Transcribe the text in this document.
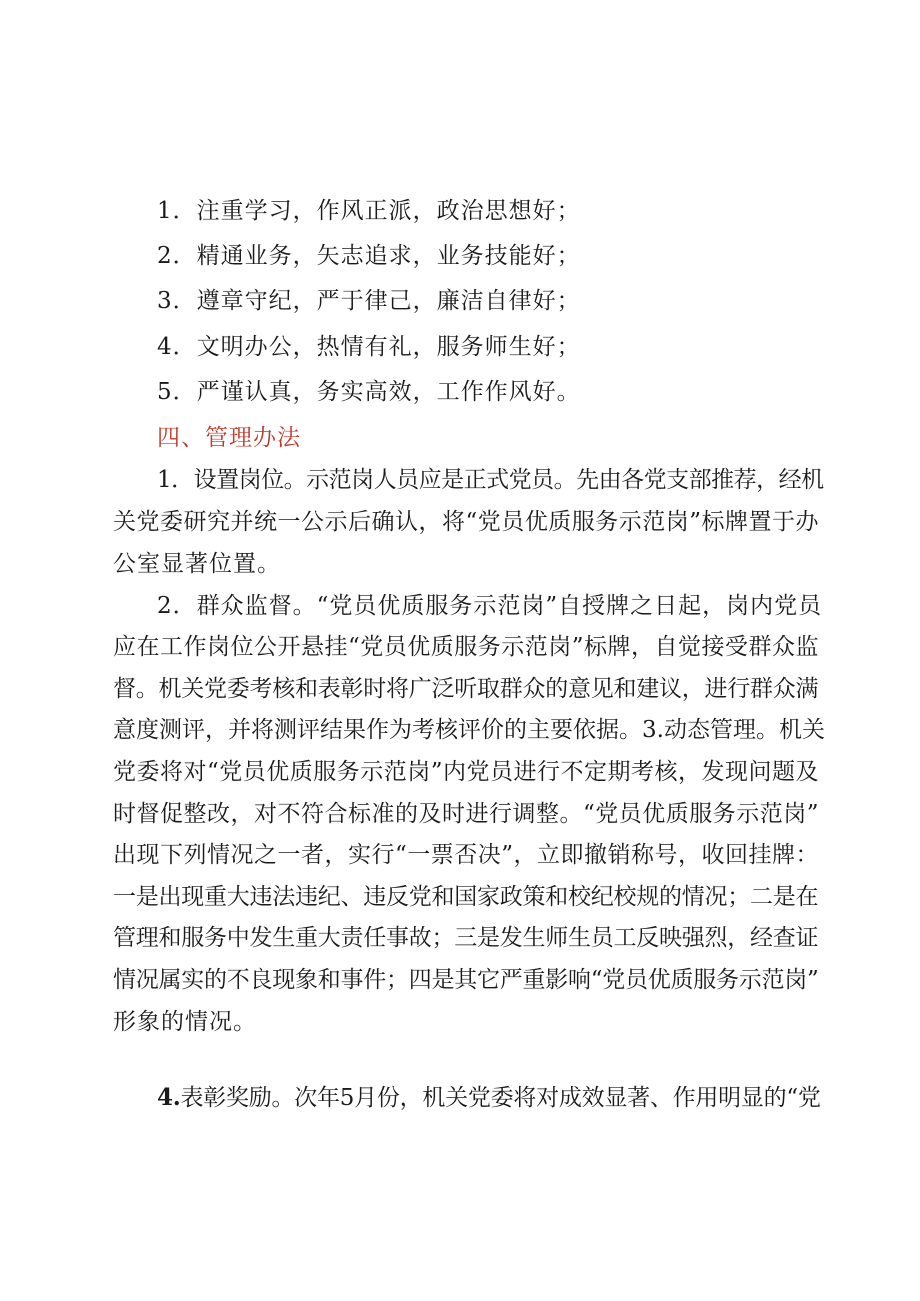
1．注重学习，作风正派，政治思想好；
2．精通业务，矢志追求，业务技能好；
3．遵章守纪，严于律己，廉洁自律好；
4．文明办公，热情有礼，服务师生好；
5．严谨认真，务实高效，工作作风好。
四、管理办法
1．设置岗位。示范岗人员应是正式党员。先由各党支部推荐，经机
关党委研究并统一公示后确认，将“党员优质服务示范岗”标牌置于办
公室显著位置。
2．群众监督。“党员优质服务示范岗”自授牌之日起，岗内党员
应在工作岗位公开悬挂“党员优质服务示范岗”标牌，自觉接受群众监
督。机关党委考核和表彰时将广泛听取群众的意见和建议，进行群众满
意度测评，并将测评结果作为考核评价的主要依据。3.动态管理。机关
党委将对“党员优质服务示范岗”内党员进行不定期考核，发现问题及
时督促整改，对不符合标准的及时进行调整。“党员优质服务示范岗”
出现下列情况之一者，实行“一票否决”，立即撤销称号，收回挂牌：
一是出现重大违法违纪、违反党和国家政策和校纪校规的情况；二是在
管理和服务中发生重大责任事故；三是发生师生员工反映强烈，经查证
情况属实的不良现象和事件；四是其它严重影响“党员优质服务示范岗”
形象的情况。
4.表彰奖励。次年5月份，机关党委将对成效显著、作用明显的“党
